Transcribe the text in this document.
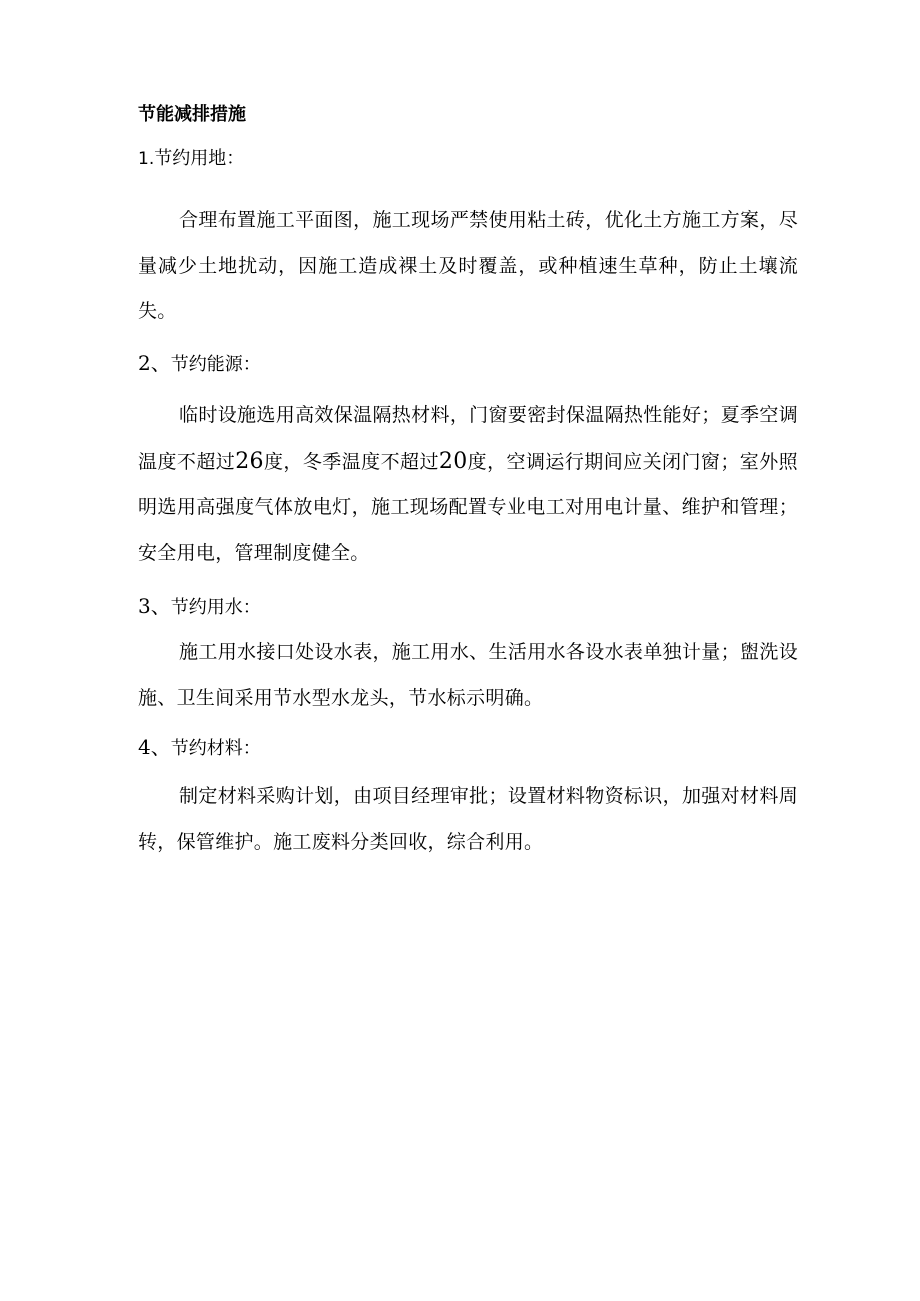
节能减排措施
1.节约用地：
合理布置施工平面图，施工现场严禁使用粘土砖，优化土方施工方案，尽量减少土地扰动，因施工造成裸土及时覆盖，或种植速生草种，防止土壤流失。
2、节约能源：
临时设施选用高效保温隔热材料，门窗要密封保温隔热性能好；夏季空调温度不超过26度，冬季温度不超过20度，空调运行期间应关闭门窗；室外照明选用高强度气体放电灯，施工现场配置专业电工对用电计量、维护和管理；安全用电，管理制度健全。
3、节约用水：
施工用水接口处设水表，施工用水、生活用水各设水表单独计量；盥洗设施、卫生间采用节水型水龙头，节水标示明确。
4、节约材料：
制定材料采购计划，由项目经理审批；设置材料物资标识，加强对材料周转，保管维护。施工废料分类回收，综合利用。
